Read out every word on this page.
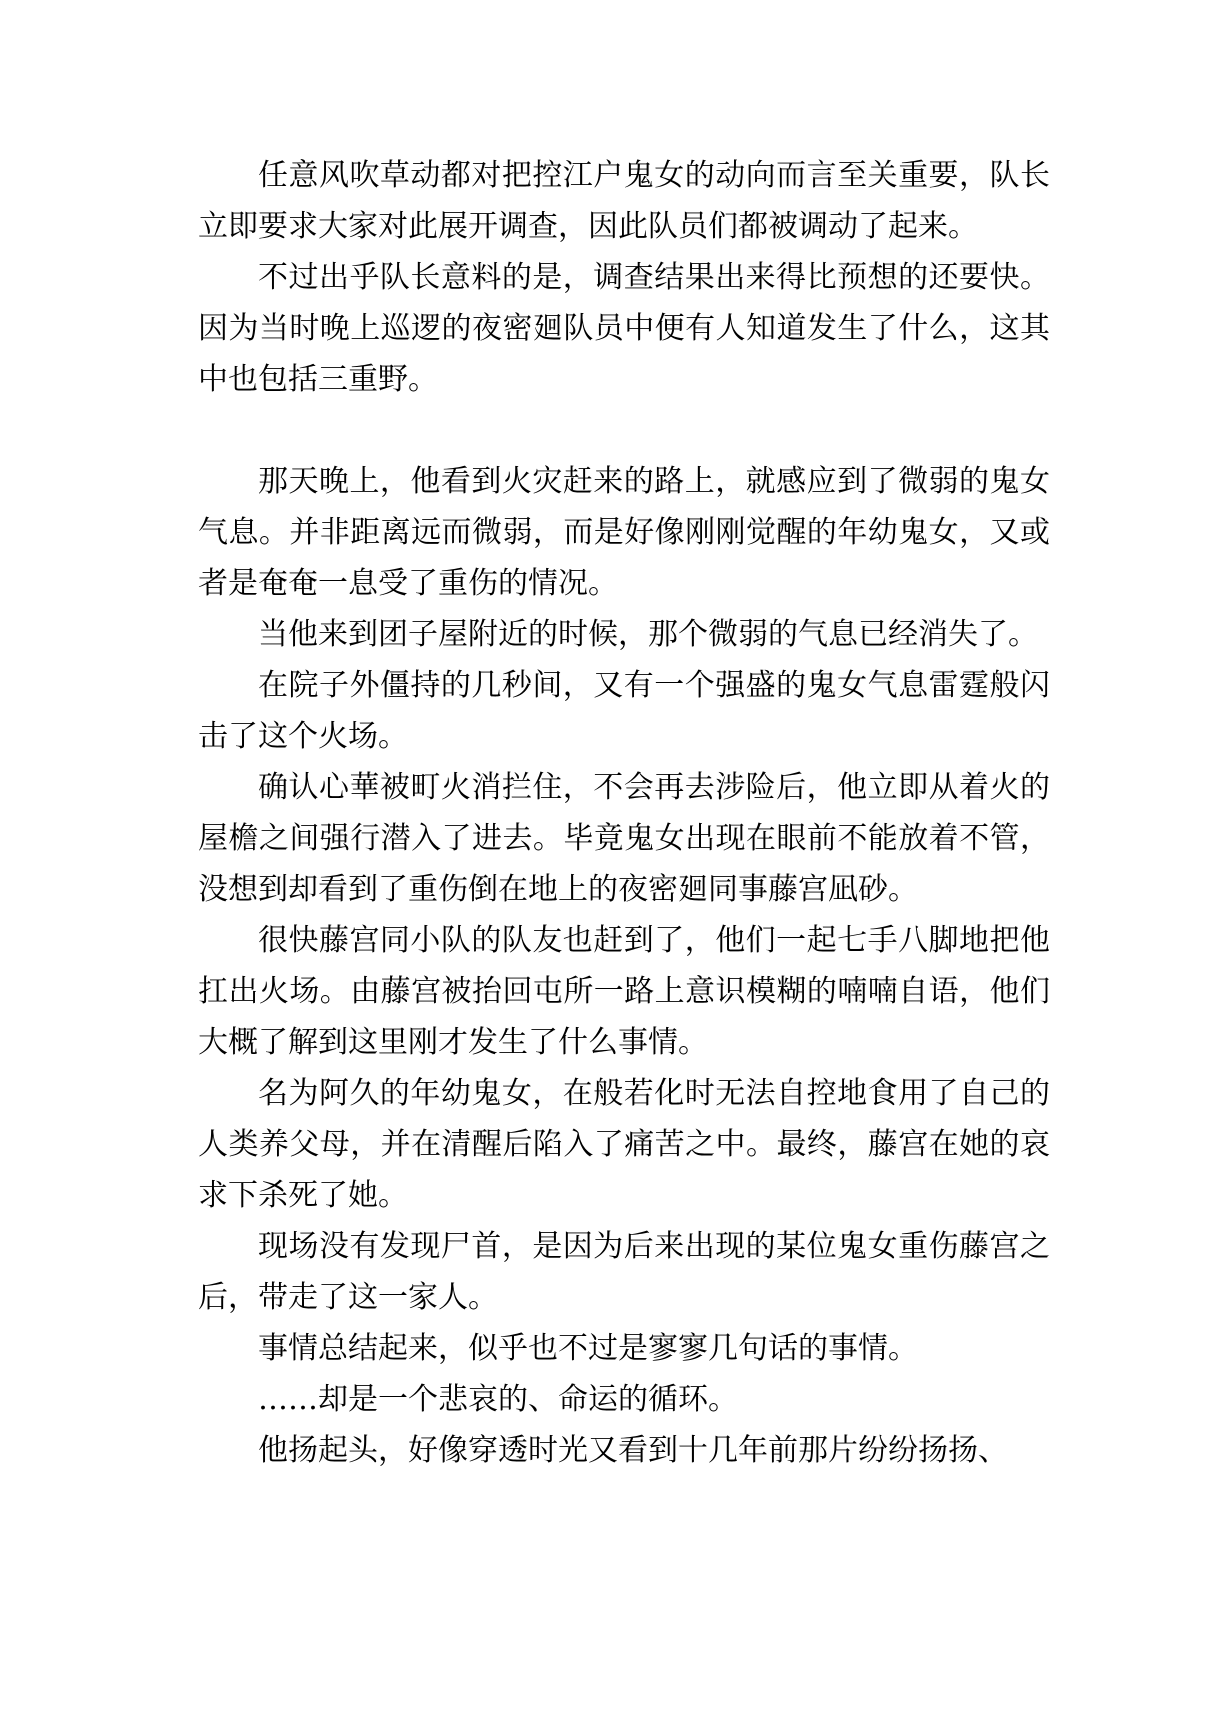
任意风吹草动都对把控江户鬼女的动向而言至关重要，队长立即要求大家对此展开调查，因此队员们都被调动了起来。

不过出乎队长意料的是，调查结果出来得比预想的还要快。因为当时晚上巡逻的夜密廻队员中便有人知道发生了什么，这其中也包括三重野。

那天晚上，他看到火灾赶来的路上，就感应到了微弱的鬼女气息。并非距离远而微弱，而是好像刚刚觉醒的年幼鬼女，又或者是奄奄一息受了重伤的情况。

当他来到团子屋附近的时候，那个微弱的气息已经消失了。

在院子外僵持的几秒间，又有一个强盛的鬼女气息雷霆般闪击了这个火场。

确认心華被町火消拦住，不会再去涉险后，他立即从着火的屋檐之间强行潜入了进去。毕竟鬼女出现在眼前不能放着不管，没想到却看到了重伤倒在地上的夜密廻同事藤宫凪砂。

很快藤宫同小队的队友也赶到了，他们一起七手八脚地把他扛出火场。由藤宫被抬回屯所一路上意识模糊的喃喃自语，他们大概了解到这里刚才发生了什么事情。

名为阿久的年幼鬼女，在般若化时无法自控地食用了自己的人类养父母，并在清醒后陷入了痛苦之中。最终，藤宫在她的哀求下杀死了她。

现场没有发现尸首，是因为后来出现的某位鬼女重伤藤宫之后，带走了这一家人。

事情总结起来，似乎也不过是寥寥几句话的事情。

……却是一个悲哀的、命运的循环。

他扬起头，好像穿透时光又看到十几年前那片纷纷扬扬、
